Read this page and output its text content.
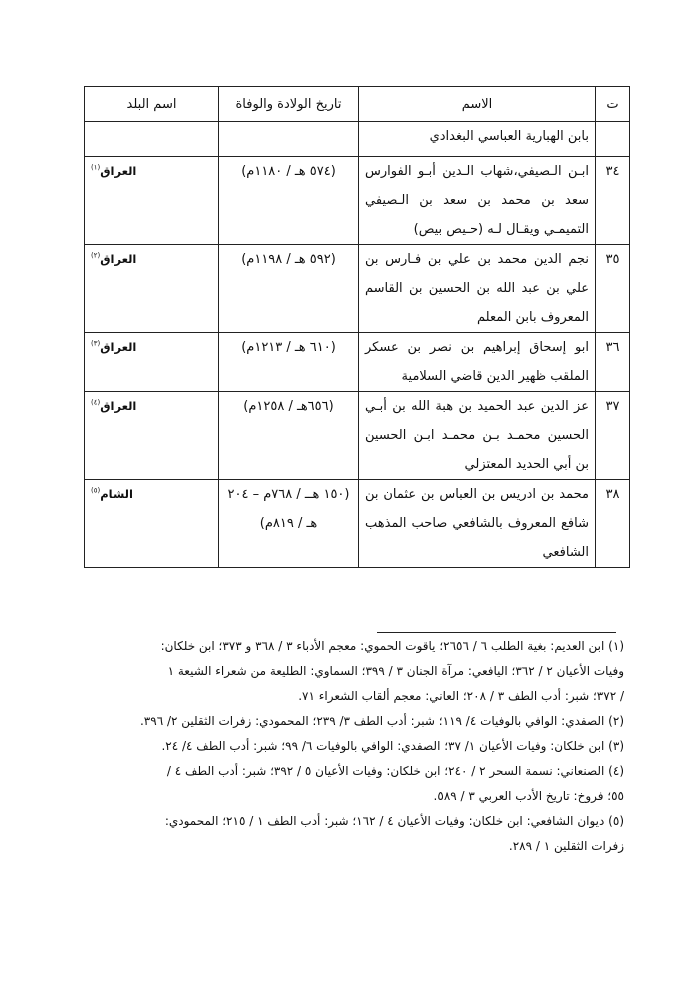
ت	الاسم	تاريخ الولادة والوفاة	اسم البلد
	بابن الهبارية العباسي البغدادي		
٣٤	ابـن الـصيفي،شهاب الـدين أبـو الفوارس سعد بن محمد بن سعد بن الـصيفي التميمـي ويقـال لـه (حـيص بيص)	(٥٧٤ هـ / ١١٨٠م)	العراق$^{(١)}$

٣٥	نجم الدين محمد بن علي بن فـارس بن علي بن عبد الله بن الحسين بن القاسم المعروف بابن المعلم	(٥٩٢ هـ / ١١٩٨م)	العراق$^{(٢)}$

٣٦	ابو إسحاق إبراهيم بن نصر بن عسكر الملقب ظهير الدين قاضي السلامية	(٦١٠ هـ / ١٢١٣م)	العراق$^{(٣)}$

٣٧	عز الدين عبد الحميد بن هبة الله بن أبـي الحسين محمـد بـن محمـد ابـن الحسين بن أبي الحديد المعتزلي	(٦٥٦هـ / ١٢٥٨م)	العراق$^{(٤)}$

٣٨	محمد بن ادريس بن العباس بن عثمان بن شافع المعروف بالشافعي صاحب المذهب الشافعي	(١٥٠ هــ / ٧٦٨م – ٢٠٤ هـ / ٨١٩م)	الشام$^{(٥)}$

(١) ابن العديم: بغية الطلب ٦ / ٢٦٥٦؛ ياقوت الحموي: معجم الأدباء ٣ / ٣٦٨ و ٣٧٣؛ ابن خلكان:
وفيات الأعيان ٢ / ٣٦٢؛ اليافعي: مرآة الجنان ٣ / ٣٩٩؛ السماوي: الطليعة من شعراء الشيعة ١
/ ٣٧٢؛ شبر: أدب الطف ٣ / ٢٠٨؛ العاني: معجم ألقاب الشعراء ٧١.

(٢) الصفدي: الوافي بالوفيات ٤/ ١١٩؛ شبر: أدب الطف ٣/ ٢٣٩؛ المحمودي: زفرات الثقلين ٢/ ٣٩٦.

(٣) ابن خلكان: وفيات الأعيان ١/ ٣٧؛ الصفدي: الوافي بالوفيات ٦/ ٩٩؛ شبر: أدب الطف ٤/ ٢٤.

(٤) الصنعاني: نسمة السحر ٢ / ٢٤٠؛ ابن خلكان: وفيات الأعيان ٥ / ٣٩٢؛ شبر: أدب الطف ٤ /
٥٥؛ فروخ: تاريخ الأدب العربي ٣ / ٥٨٩.

(٥) ديوان الشافعي: ابن خلكان: وفيات الأعيان ٤ / ١٦٢؛ شبر: أدب الطف ١ / ٢١٥؛ المحمودي:
زفرات الثقلين ١ / ٢٨٩.
